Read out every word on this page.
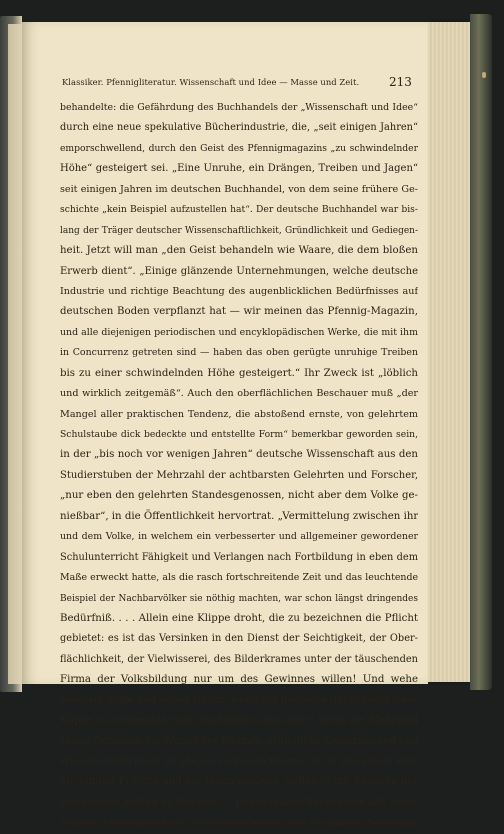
Klassiker. Pfennigliteratur. Wissenschaft und Idee — Masse und Zeit. 213
behandelte: die Gefährdung des Buchhandels der „Wissenschaft und Idee“
durch eine neue spekulative Bücherindustrie, die, „seit einigen Jahren“
emporschwellend, durch den Geist des Pfennigmagazins „zu schwindelnder
Höhe“ gesteigert sei. „Eine Unruhe, ein Drängen, Treiben und Jagen“
seit einigen Jahren im deutschen Buchhandel, von dem seine frühere Ge-
schichte „kein Beispiel aufzustellen hat“. Der deutsche Buchhandel war bis-
lang der Träger deutscher Wissenschaftlichkeit, Gründlichkeit und Gediegen-
heit. Jetzt will man „den Geist behandeln wie Waare, die dem bloßen
Erwerb dient“. „Einige glänzende Unternehmungen, welche deutsche
Industrie und richtige Beachtung des augenblicklichen Bedürfnisses auf
deutschen Boden verpflanzt hat — wir meinen das Pfennig-Magazin,
und alle diejenigen periodischen und encyklopädischen Werke, die mit ihm
in Concurrenz getreten sind — haben das oben gerügte unruhige Treiben
bis zu einer schwindelnden Höhe gesteigert.“ Ihr Zweck ist „löblich
und wirklich zeitgemäß“. Auch den oberflächlichen Beschauer muß „der
Mangel aller praktischen Tendenz, die abstoßend ernste, von gelehrtem
Schulstaube dick bedeckte und entstellte Form“ bemerkbar geworden sein,
in der „bis noch vor wenigen Jahren“ deutsche Wissenschaft aus den
Studierstuben der Mehrzahl der achtbarsten Gelehrten und Forscher,
„nur eben den gelehrten Standesgenossen, nicht aber dem Volke ge-
nießbar“, in die Öffentlichkeit hervortrat. „Vermittelung zwischen ihr
und dem Volke, in welchem ein verbesserter und allgemeiner gewordener
Schulunterricht Fähigkeit und Verlangen nach Fortbildung in eben dem
Maße erweckt hatte, als die rasch fortschreitende Zeit und das leuchtende
Beispiel der Nachbarvölker sie nöthig machten, war schon längst dringendes
Bedürfniß. . . . Allein eine Klippe droht, die zu bezeichnen die Pflicht
gebietet: es ist das Versinken in den Dienst der Seichtigkeit, der Ober-
flächlichkeit, der Vielwisserei, des Bilderkrames unter der täuschenden
Firma der Volksbildung nur um des Gewinnes willen! Und wehe
unserem Volke und seiner Cultur, wenn der deutsche Buchhandel diese
Klippe zu vermeiden nicht im Stande sein sollte; wenn die Mehrzahl
seiner Genossen die Wurzel des Baumes, gründliche Gelehrsamkeit und
Wissenschaftlichkeit, zu pflegen vergessen könnte, um in übereiliger Hast
die bunten Früchte und mit ihnen zugleich vielleicht die Knospen der
kommenden Ernten zu brechen. . . Deutschlands Buchhandel hat, sowie
deutsche Gelehrsamkeit und Wissenschaftlichkeit, eine europäische Bedeutung,
